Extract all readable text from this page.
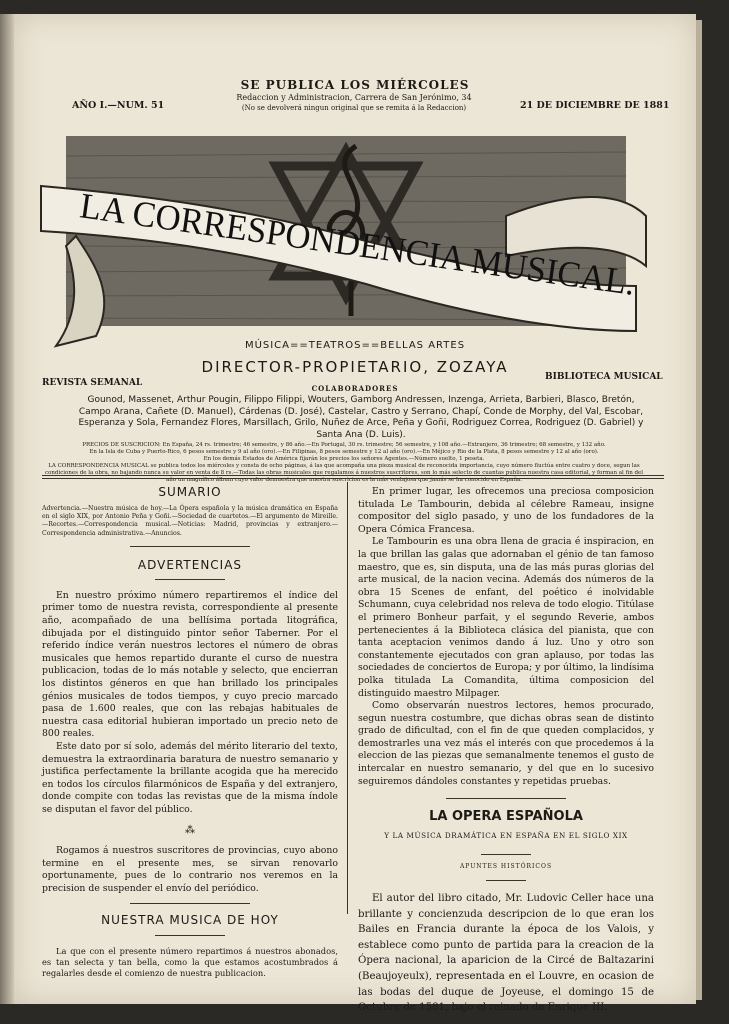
SE PUBLICA LOS MIÉRCOLES
AÑO I.—NUM. 51
Redaccion y Administracion, Carrera de San Jerónimo, 34
(No se devolverá ningun original que se remita á la Redaccion)	21 DE DICIEMBRE DE 1881
LA CORRESPONDENCIA MUSICAL.
MÚSICA==TEATROS==BELLAS ARTES
DIRECTOR-PROPIETARIO, ZOZAYA
REVISTA SEMANAL
BIBLIOTECA MUSICAL
COLABORADORES
Gounod, Massenet, Arthur Pougin, Filippo Filippi, Wouters, Gamborg Andressen, Inzenga, Arrieta, Barbieri, Blasco, Bretón, Campo Arana, Cañete (D. Manuel), Cárdenas (D. José), Castelar, Castro y Serrano, Chapí, Conde de Morphy, del Val, Escobar, Esperanza y Sola, Fernandez Flores, Marsillach, Grilo, Nuñez de Arce, Peña y Goñi, Rodriguez Correa, Rodriguez (D. Gabriel) y Santa Ana (D. Luis).
PRECIOS DE SUSCRICION: En España, 24 rs. trimestre; 46 semestre, y 86 año.—En Portugal, 30 rs. trimestre; 56 semestre, y 108 año.—Extranjero, 36 trimestre; 68 semestre, y 132 año.
En la Isla de Cuba y Puerto-Rico, 6 pesos semestre y 9 al año (oro).—En Filipinas, 8 pesos semestre y 12 al año (oro).—En Méjico y Rio de la Plata, 8 pesos semestre y 12 al año (oro).
En los demás Estados de América fíjarán los precios los señores Agentes.—Número suelto, 1 peseta.
LA CORRESPONDENCIA MUSICAL se publica todos los miércoles y consta de ocho páginas, á las que acompaña una pieza musical de reconocida importancia, cuyo número fluctúa entre cuatro y doce, segun las condiciones de la obra, no bajando nunca su valor en venta de 8 rs.—Todas las obras musicales que regalamos á nuestros suscritores, son lo más selecto de cuantas publica nuestra casa editorial, y forman al fin del año un magnífico álbum cuyo valor demuestra que nuestra suscricion es la más ventajosa que jamás se ha conocido en España.
SUMARIO
Advertencia.—Nuestra música de hoy.—La Ópera española y la música dramática en España en el siglo XIX, por Antonio Peña y Goñi.—Sociedad de cuartetos.—El argumento de Mireille.—Recortes.—Correspondencia musical.—Noticias: Madrid, provincias y extranjero.—Correspondencia administrativa.—Anuncios.
ADVERTENCIAS

En nuestro próximo número repartiremos el índice del primer tomo de nuestra revista, correspondiente al presente año, acompañado de una bellísima portada litográfica, dibujada por el distinguido pintor señor Taberner. Por el referido índice verán nuestros lectores el número de obras musicales que hemos repartido durante el curso de nuestra publicacion, todas de lo más notable y selecto, que encierran los distintos géneros en que han brillado los principales génios musicales de todos tiempos, y cuyo precio marcado pasa de 1.600 reales, que con las rebajas habituales de nuestra casa editorial hubieran importado un precio neto de 800 reales.

Este dato por sí solo, además del mérito literario del texto, demuestra la extraordinaria baratura de nuestro semanario y justifica perfectamente la brillante acogida que ha merecido en todos los círculos filarmónicos de España y del extranjero, donde compite con todas las revistas que de la misma índole se disputan el favor del público.

⁂

Rogamos á nuestros suscritores de provincias, cuyo abono termine en el presente mes, se sirvan renovarlo oportunamente, pues de lo contrario nos veremos en la precision de suspender el envío del periódico.

NUESTRA MUSICA DE HOY

La que con el presente número repartimos á nuestros abonados, es tan selecta y tan bella, como la que estamos acostumbrados á regalarles desde el comienzo de nuestra publicacion.

En primer lugar, les ofrecemos una preciosa composicion titulada Le Tambourin, debida al célebre Rameau, insigne compositor del siglo pasado, y uno de los fundadores de la Opera Cómica Francesa.

Le Tambourin es una obra llena de gracia é inspiracion, en la que brillan las galas que adornaban el génio de tan famoso maestro, que es, sin disputa, una de las más puras glorias del arte musical, de la nacion vecina. Además dos números de la obra 15 Scenes de enfant, del poético é inolvidable Schumann, cuya celebridad nos releva de todo elogio. Titúlase el primero Bonheur parfait, y el segundo Reverie, ambos pertenecientes á la Biblioteca clásica del pianista, que con tanta aceptacion venimos dando á luz. Uno y otro son constantemente ejecutados con gran aplauso, por todas las sociedades de conciertos de Europa; y por último, la lindísima polka titulada La Comandita, última composicion del distinguido maestro Milpager.

Como observarán nuestros lectores, hemos procurado, segun nuestra costumbre, que dichas obras sean de distinto grado de dificultad, con el fin de que queden complacidos, y demostrarles una vez más el interés con que procedemos á la eleccion de las piezas que semanalmente tenemos el gusto de intercalar en nuestro semanario, y del que en lo sucesivo seguiremos dándoles constantes y repetidas pruebas.

LA OPERA ESPAÑOLA
Y LA MÚSICA DRAMÁTICA EN ESPAÑA EN EL SIGLO XIX
APUNTES HISTÓRICOS

El autor del libro citado, Mr. Ludovic Celler hace una brillante y concienzuda descripcion de lo que eran los Bailes en Francia durante la época de los Valois, y establece como punto de partida para la creacion de la Ópera nacional, la aparicion de la Circé de Baltazarini (Beaujoyeulx), representada en el Louvre, en ocasion de las bodas del duque de Joyeuse, el domingo 15 de Octubre de 1581, bajo el reinado de Enrique III.
